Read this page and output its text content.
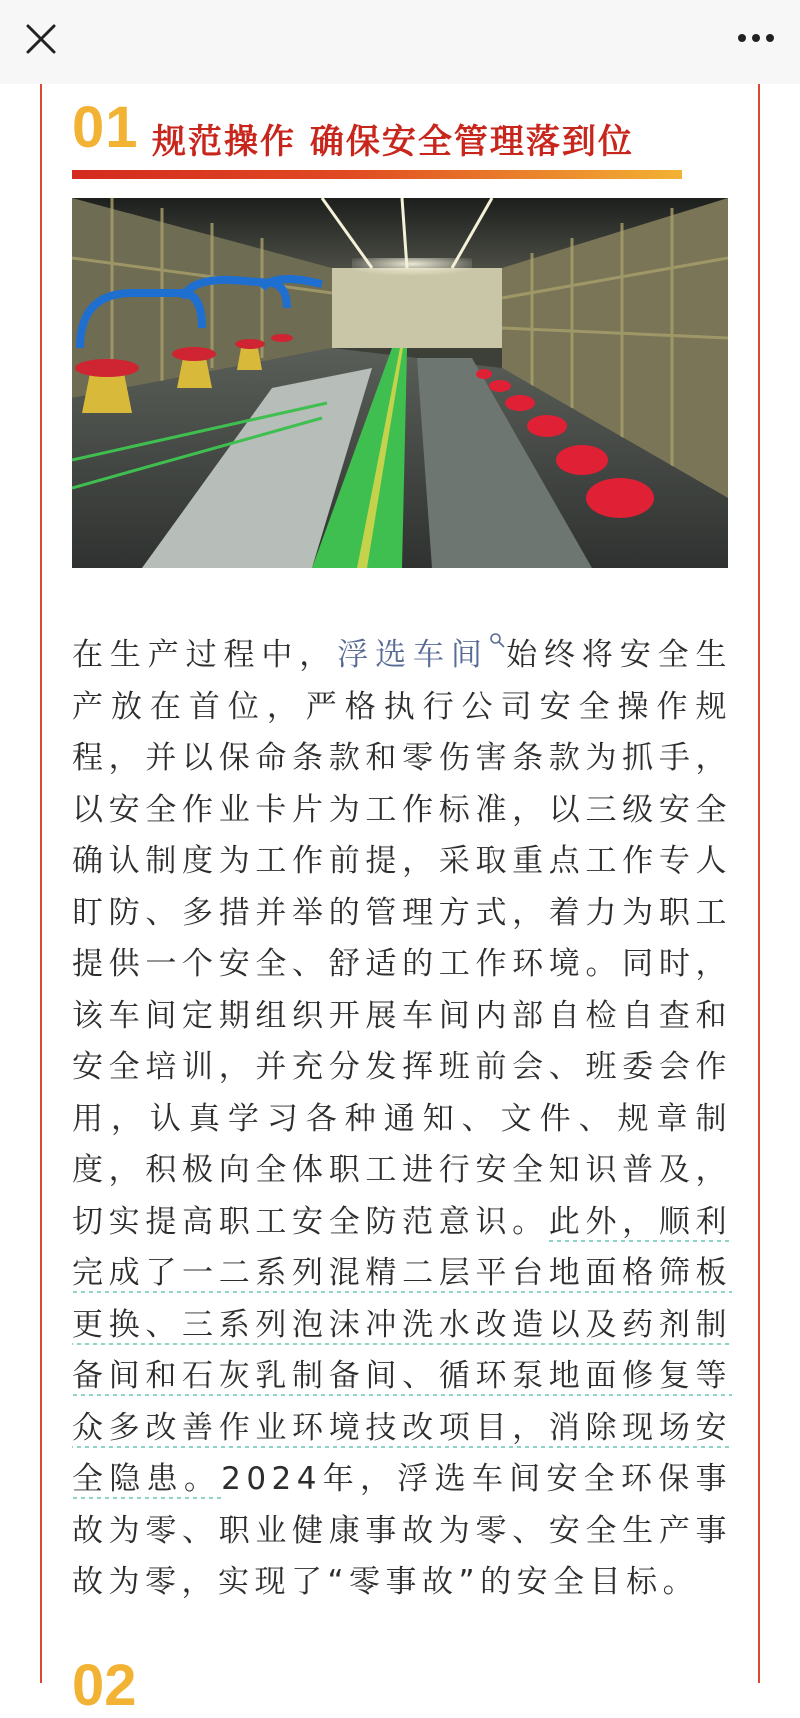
01 规范操作 确保安全管理落到位

在生产过程中，浮选车间 始终将安全生产放在首位，严格执行公司安全操作规程，并以保命条款和零伤害条款为抓手，以安全作业卡片为工作标准，以三级安全确认制度为工作前提，采取重点工作专人盯防、多措并举的管理方式，着力为职工提供一个安全、舒适的工作环境。同时，该车间定期组织开展车间内部自检自查和安全培训，并充分发挥班前会、班委会作用，认真学习各种通知、文件、规章制度，积极向全体职工进行安全知识普及，切实提高职工安全防范意识。此外，顺利完成了一二系列混精二层平台地面格筛板更换、三系列泡沫冲洗水改造以及药剂制备间和石灰乳制备间、循环泵地面修复等众多改善作业环境技改项目，消除现场安全隐患。2024年，浮选车间安全环保事故为零、职业健康事故为零、安全生产事故为零，实现了“零事故”的安全目标。

02
